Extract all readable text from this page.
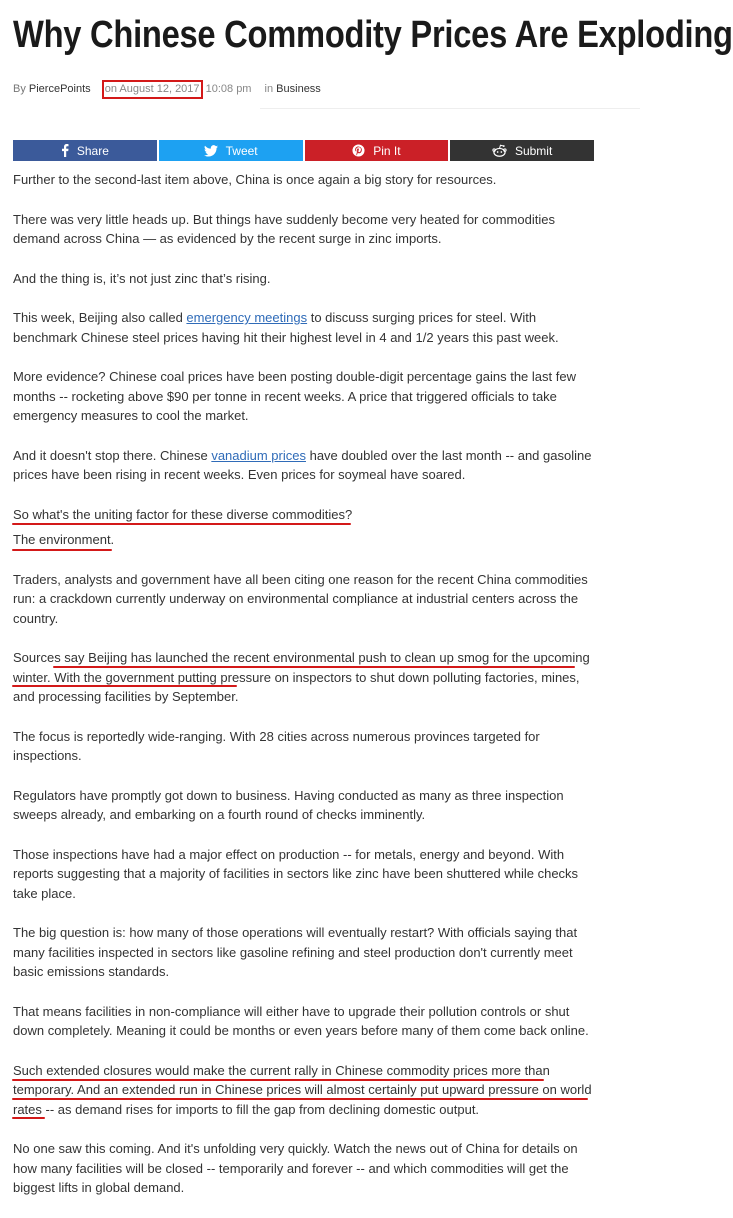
Why Chinese Commodity Prices Are Exploding
By PiercePoints on August 12, 2017 10:08 pm in Business
Share	Tweet	Pin It	Submit

Further to the second-last item above, China is once again a big story for resources.

There was very little heads up. But things have suddenly become very heated for commodities demand across China — as evidenced by the recent surge in zinc imports.

And the thing is, it’s not just zinc that’s rising.

This week, Beijing also called emergency meetings to discuss surging prices for steel. With benchmark Chinese steel prices having hit their highest level in 4 and 1/2 years this past week.

More evidence? Chinese coal prices have been posting double-digit percentage gains the last few months -- rocketing above $90 per tonne in recent weeks. A price that triggered officials to take emergency measures to cool the market.

And it doesn't stop there. Chinese vanadium prices have doubled over the last month -- and gasoline prices have been rising in recent weeks. Even prices for soymeal have soared.

So what's the uniting factor for these diverse commodities?

The environment.

Traders, analysts and government have all been citing one reason for the recent China commodities run: a crackdown currently underway on environmental compliance at industrial centers across the country.

Sources say Beijing has launched the recent environmental push to clean up smog for the upcoming winter. With the government putting pressure on inspectors to shut down polluting factories, mines, and processing facilities by September.

The focus is reportedly wide-ranging. With 28 cities across numerous provinces targeted for inspections.

Regulators have promptly got down to business. Having conducted as many as three inspection sweeps already, and embarking on a fourth round of checks imminently.

Those inspections have had a major effect on production -- for metals, energy and beyond. With reports suggesting that a majority of facilities in sectors like zinc have been shuttered while checks take place.

The big question is: how many of those operations will eventually restart? With officials saying that many facilities inspected in sectors like gasoline refining and steel production don't currently meet basic emissions standards.

That means facilities in non-compliance will either have to upgrade their pollution controls or shut down completely. Meaning it could be months or even years before many of them come back online.

Such extended closures would make the current rally in Chinese commodity prices more than temporary. And an extended run in Chinese prices will almost certainly put upward pressure on world rates -- as demand rises for imports to fill the gap from declining domestic output.

No one saw this coming. And it's unfolding very quickly. Watch the news out of China for details on how many facilities will be closed -- temporarily and forever -- and which commodities will get the biggest lifts in global demand.
